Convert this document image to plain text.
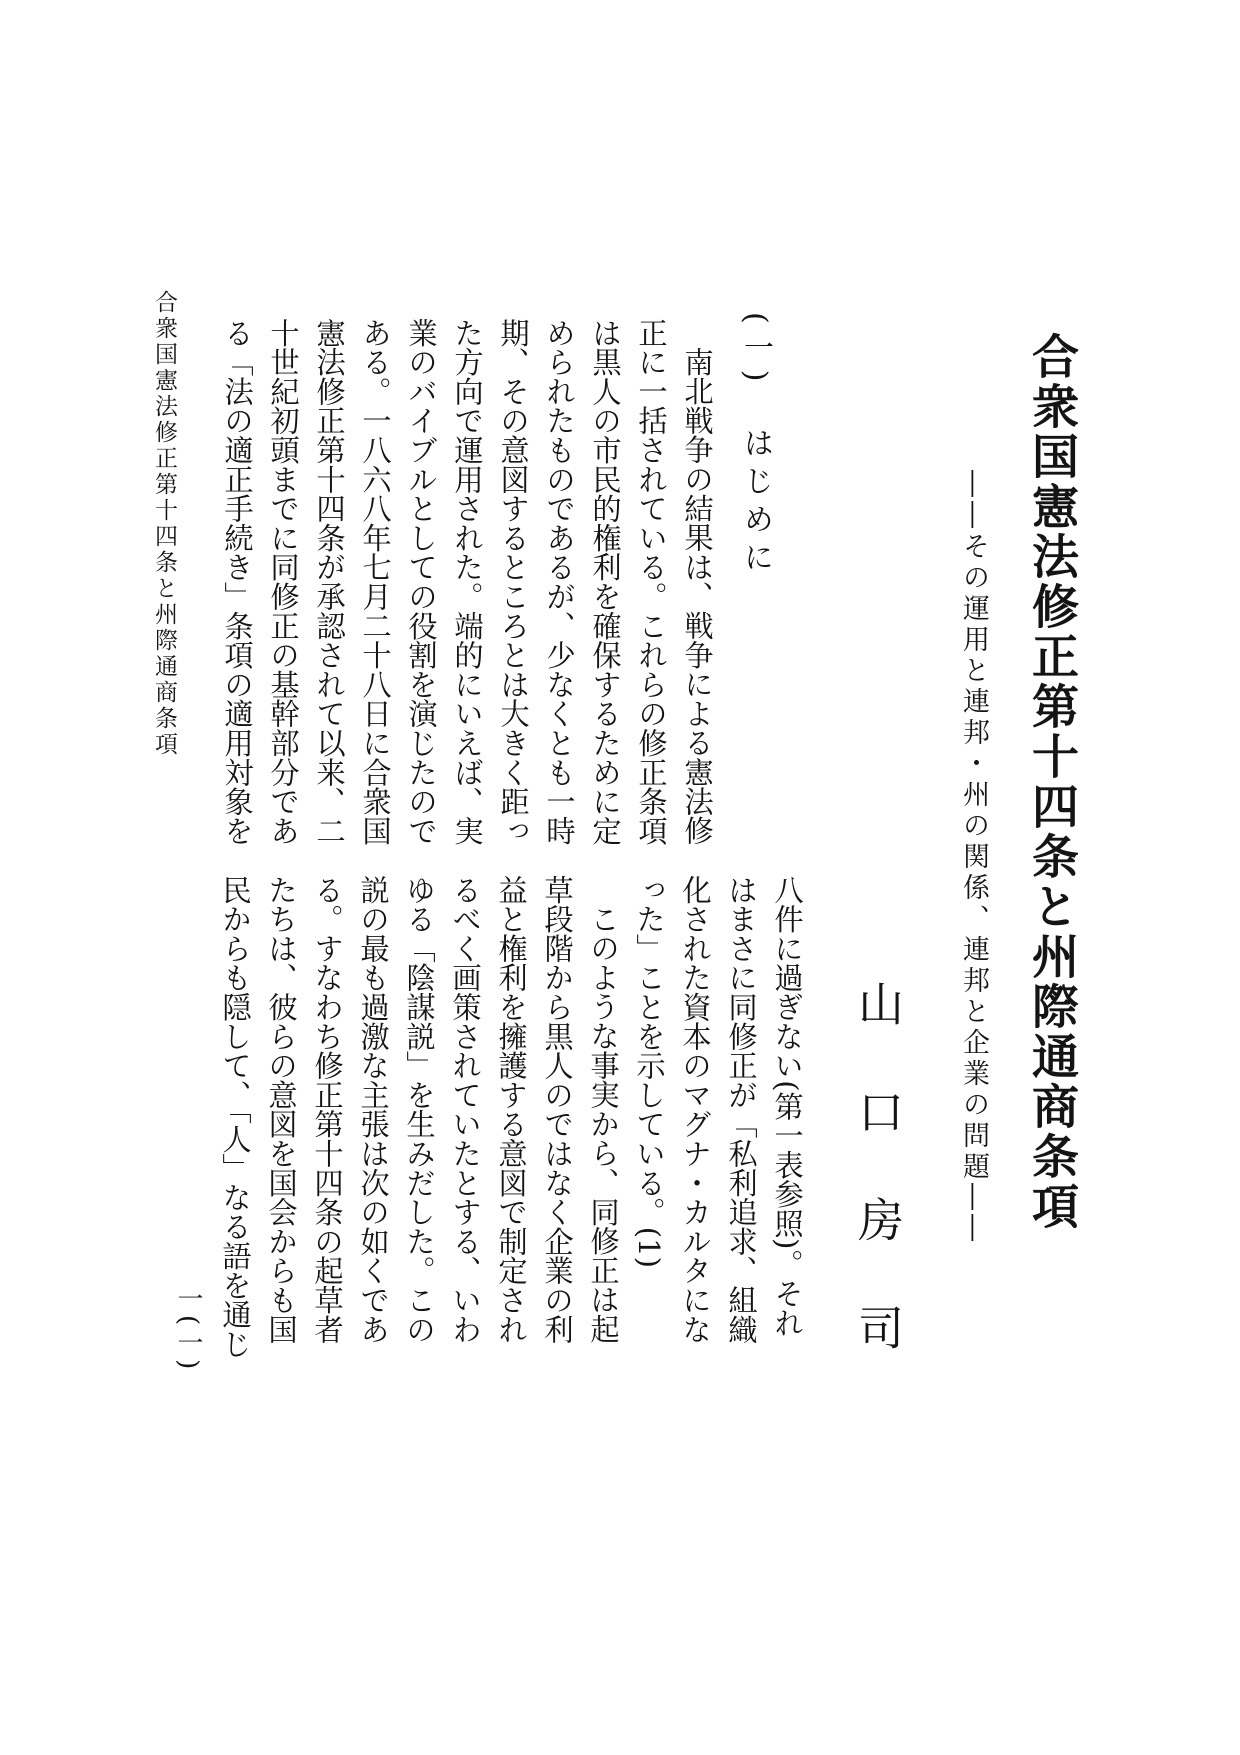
合衆国憲法修正第十四条と州際通商条項
――その運用と連邦・州の関係、連邦と企業の問題――
山口房司
(一)　はじめに

南北戦争の結果は、戦争による憲法修正に一括されている。これらの修正条項は黒人の市民的権利を確保するために定められたものであるが、少なくとも一時期、その意図するところとは大きく距った方向で運用された。端的にいえば、実業のバイブルとしての役割を演じたのである。一八六八年七月二十八日に合衆国憲法修正第十四条が承認されて以来、二十世紀初頭までに同修正の基幹部分である「法の適正手続き」条項の適用対象を

八件に過ぎない(第一表参照)。それはまさに同修正が「私利追求、組織化された資本のマグナ・カルタになった」ことを示している。(1)

このような事実から、同修正は起草段階から黒人のではなく企業の利益と権利を擁護する意図で制定されるべく画策されていたとする、いわゆる「陰謀説」を生みだした。この説の最も過激な主張は次の如くである。すなわち修正第十四条の起草者たちは、彼らの意図を国会からも国民からも隠して、「人」なる語を通じ

合衆国憲法修正第十四条と州際通商条項
一(一)
